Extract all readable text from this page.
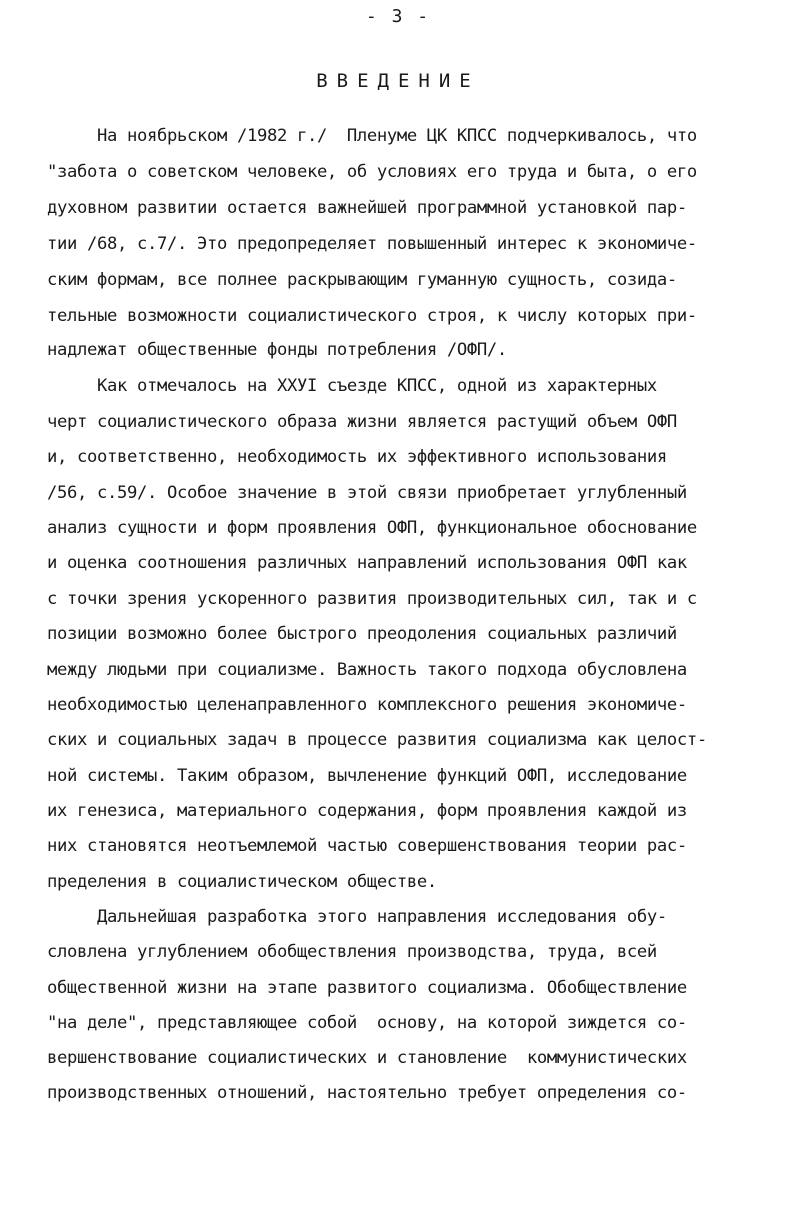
- 3 -
ВВЕДЕНИЕ
На ноябрьском /1982 г./  Пленуме ЦК КПСС подчеркивалось, что
"забота о советском человеке, об условиях его труда и быта, о его
духовном развитии остается важнейшей программной установкой пар-
тии /68, с.7/. Это предопределяет повышенный интерес к экономиче-
ским формам, все полнее раскрывающим гуманную сущность, созида-
тельные возможности социалистического строя, к числу которых при-
надлежат общественные фонды потребления /ОФП/.
Как отмечалось на ХХУI съезде КПСС, одной из характерных
черт социалистического образа жизни является растущий объем ОФП
и, соответственно, необходимость их эффективного использования
/56, с.59/. Особое значение в этой связи приобретает углубленный
анализ сущности и форм проявления ОФП, функциональное обоснование
и оценка соотношения различных направлений использования ОФП как
с точки зрения ускоренного развития производительных сил, так и с
позиции возможно более быстрого преодоления социальных различий
между людьми при социализме. Важность такого подхода обусловлена
необходимостью целенаправленного комплексного решения экономиче-
ских и социальных задач в процессе развития социализма как целост-
ной системы. Таким образом, вычленение функций ОФП, исследование
их генезиса, материального содержания, форм проявления каждой из
них становятся неотъемлемой частью совершенствования теории рас-
пределения в социалистическом обществе.
Дальнейшая разработка этого направления исследования обу-
словлена углублением обобществления производства, труда, всей
общественной жизни на этапе развитого социализма. Обобществление
"на деле", представляющее собой  основу, на которой зиждется со-
вершенствование социалистических и становление  коммунистических
производственных отношений, настоятельно требует определения со-
